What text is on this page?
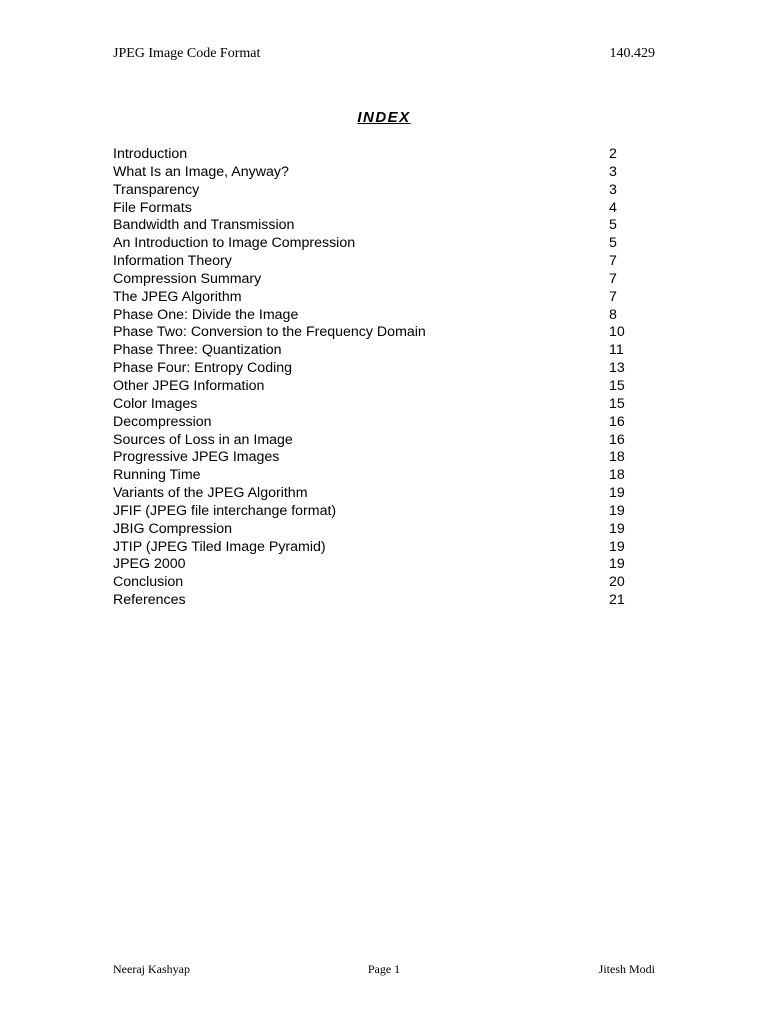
JPEG Image Code Format	140.429
INDEX
Introduction	2
What Is an Image, Anyway?	3
Transparency	3
File Formats	4
Bandwidth and Transmission	5
An Introduction to Image Compression	5
Information Theory	7
Compression Summary	7
The JPEG Algorithm	7
Phase One: Divide the Image	8
Phase Two: Conversion to the Frequency Domain	10
Phase Three: Quantization	11
Phase Four: Entropy Coding	13
Other JPEG Information	15
Color Images	15
Decompression	16
Sources of Loss in an Image	16
Progressive JPEG Images	18
Running Time	18
Variants of the JPEG Algorithm	19
JFIF (JPEG file interchange format)	19
JBIG Compression	19
JTIP (JPEG Tiled Image Pyramid)	19
JPEG 2000	19
Conclusion	20
References	21
Neeraj Kashyap	Page 1	Jitesh Modi
